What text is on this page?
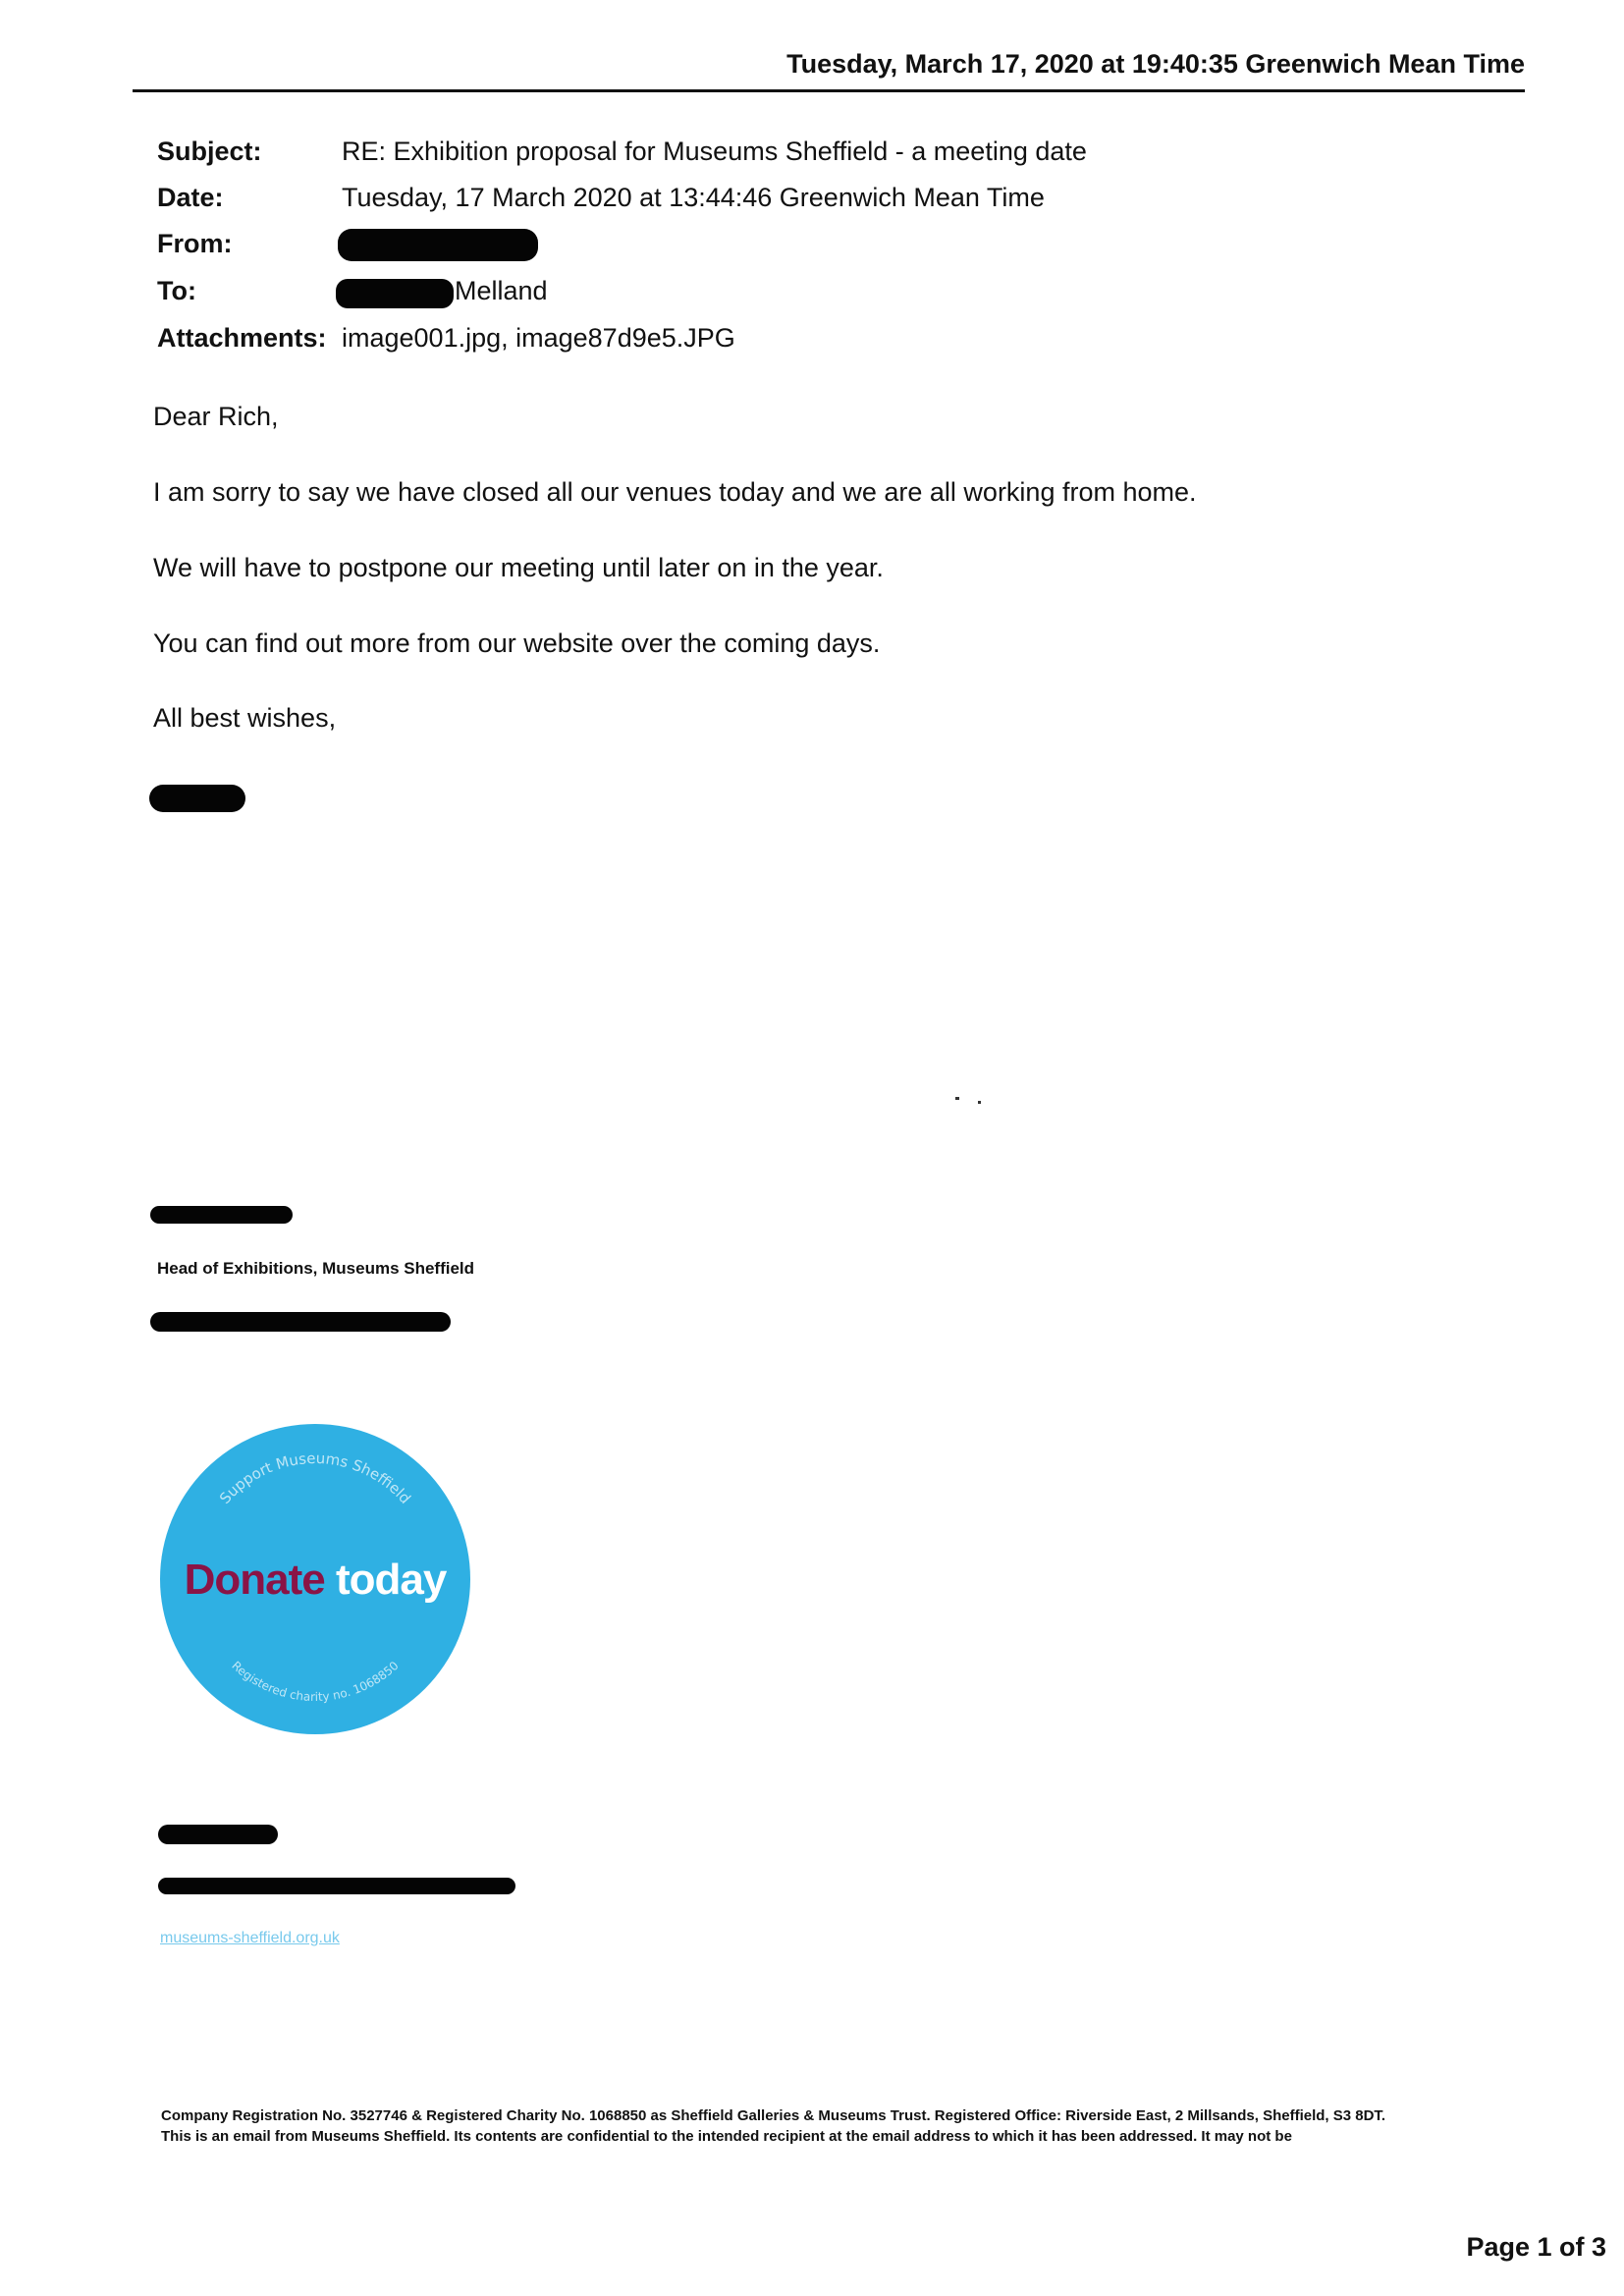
Tuesday, March 17, 2020 at 19:40:35 Greenwich Mean Time
Subject:	RE: Exhibition proposal for Museums Sheffield - a meeting date
Date:	Tuesday, 17 March 2020 at 13:44:46 Greenwich Mean Time
From:
To:	Melland
Attachments: image001.jpg, image87d9e5.JPG
Dear Rich,
I am sorry to say we have closed all our venues today and we are all working from home.
We will have to postpone our meeting until later on in the year.
You can find out more from our website over the coming days.
All best wishes,
Head of Exhibitions, Museums Sheffield
Support Museums Sheffield
Registered charity no. 1068850
Donate today
museums-sheffield.org.uk

Company Registration No. 3527746 & Registered Charity No. 1068850 as Sheffield Galleries & Museums Trust. Registered Office: Riverside East, 2 Millsands, Sheffield, S3 8DT.

This is an email from Museums Sheffield. Its contents are confidential to the intended recipient at the email address to which it has been addressed. It may not be

Page 1 of 3
